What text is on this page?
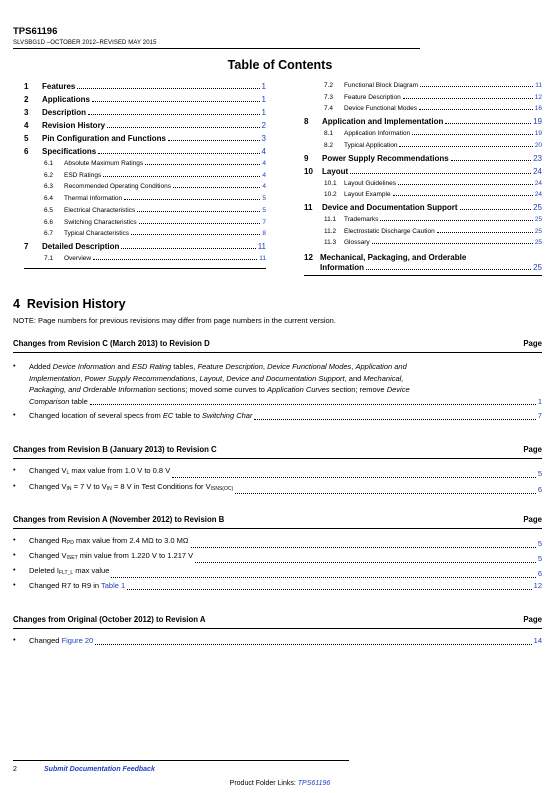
TPS61196
SLVSBG1D –OCTOBER 2012–REVISED MAY 2015
Table of Contents
1	Features	1
2	Applications	1
3	Description	1
4	Revision History	2
5	Pin Configuration and Functions	3
6	Specifications	4
6.1	Absolute Maximum Ratings	4
6.2	ESD Ratings	4
6.3	Recommended Operating Conditions	4
6.4	Thermal Information	5
6.5	Electrical Characteristics	5
6.6	Switching Characteristics	7
6.7	Typical Characteristics	8
7	Detailed Description	11
7.1	Overview	11
7.2	Functional Block Diagram	11
7.3	Feature Description	12
7.4	Device Functional Modes	16
8	Application and Implementation	19
8.1	Application Information	19
8.2	Typical Application	20
9	Power Supply Recommendations	23
10	Layout	24
10.1	Layout Guidelines	24
10.2	Layout Example	24
11	Device and Documentation Support	25
11.1	Trademarks	25
11.2	Electrostatic Discharge Caution	25
11.3	Glossary	25
12 Mechanical, Packaging, and Orderable
Information	25
4 Revision History
NOTE: Page numbers for previous revisions may differ from page numbers in the current version.
Changes from Revision C (March 2013) to Revision D	Page
• Added Device Information and ESD Rating tables, Feature Description, Device Functional Modes, Application and
Implementation, Power Supply Recommendations, Layout, Device and Documentation Support, and Mechanical,
Packaging, and Orderable Information sections; moved some curves to Application Curves section; remove Device
Comparison table	1
• Changed location of several specs from EC table to Switching Char	7
Changes from Revision B (January 2013) to Revision C	Page
• Changed $V_L$ max value from 1.0 V to 0.8 V	5
• Changed $V_{IN} = 7$ V to $V_{IN} = 8$ V in Test Conditions for $V_{ISNS(OC)}$	6
Changes from Revision A (November 2012) to Revision B	Page
• Changed $R_{PD}$ max value from 2.4 MΩ to 3.0 MΩ	5
• Changed $V_{ISET}$ min value from 1.220 V to 1.217 V	5
• Deleted $I_{FLT\_L}$ max value	6
• Changed R7 to R9 in Table 1	12
Changes from Original (October 2012) to Revision A	Page
• Changed Figure 20	14
2	Submit Documentation Feedback
Product Folder Links: TPS61196
